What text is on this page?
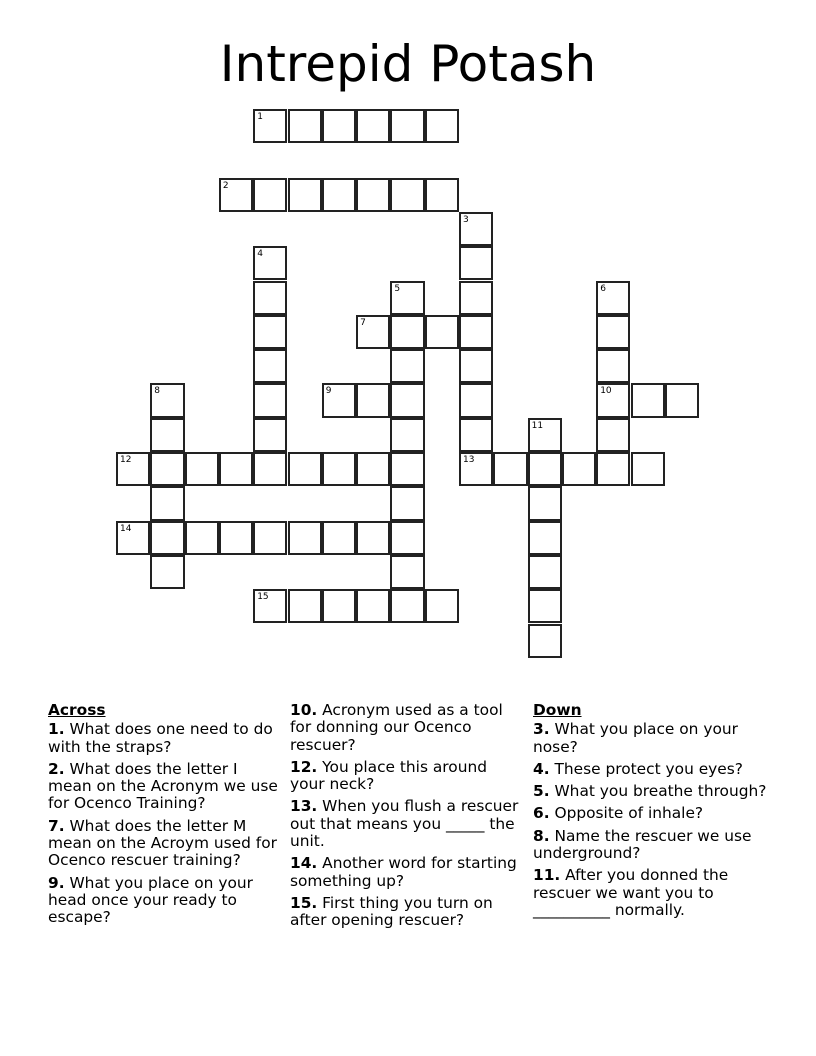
Intrepid Potash
1
2
3
13
4
5	6
10
7
8	9
11
12
14
15
Across
1. What does one need to do with the straps?
2. What does the letter I mean on the Acronym we use for Ocenco Training?
7. What does the letter M mean on the Acroym used for Ocenco rescuer training?
9. What you place on your head once your ready to escape?
10. Acronym used as a tool for donning our Ocenco rescuer?
12. You place this around your neck?
13. When you flush a rescuer out that means you _____ the unit.
14. Another word for starting something up?
15. First thing you turn on after opening rescuer?
Down
3. What you place on your nose?
4. These protect you eyes?
5. What you breathe through?
6. Opposite of inhale?
8. Name the rescuer we use underground?
11. After you donned the rescuer we want you to __________ normally.
